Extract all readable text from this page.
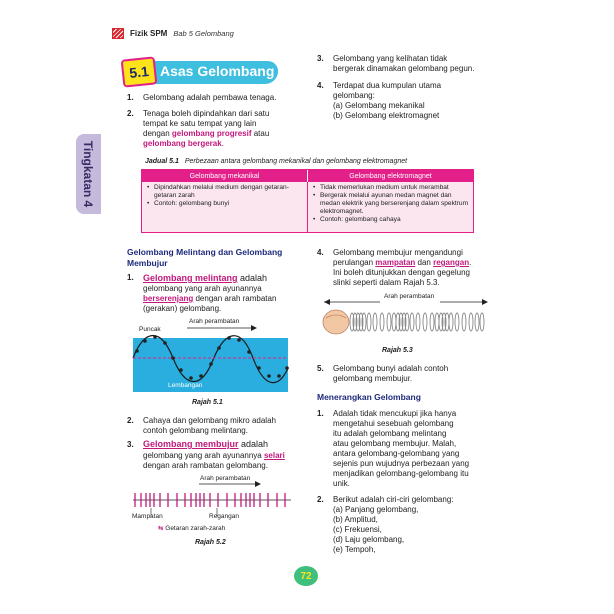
Fizik SPM Bab 5 Gelombang
Tingkatan 4
5.1 Asas Gelombang
1. Gelombang adalah pembawa tenaga.
2. Tenaga boleh dipindahkan dari satu
tempat ke satu tempat yang lain
dengan gelombang progresif atau
gelombang bergerak.
3. Gelombang yang kelihatan tidak
bergerak dinamakan gelombang pegun.
4. Terdapat dua kumpulan utama
gelombang:
(a) Gelombang mekanikal
(b) Gelombang elektromagnet
Jadual 5.1 Perbezaan antara gelombang mekanikal dan gelombang elektromagnet
Gelombang mekanikal	Gelombang elektromagnet
• Dipindahkan melalui medium dengan getaran-getaran zarah
• Contoh: gelombang bunyi
• Tidak memerlukan medium untuk merambat
• Bergerak melalui ayunan medan magnet dan medan elektrik yang berserenjang dalam spektrum elektromagnet.
• Contoh: gelombang cahaya
Gelombang Melintang dan Gelombang
Membujur
1. Gelombang melintang adalah
gelombang yang arah ayunannya
berserenjang dengan arah rambatan
(gerakan) gelombang.
Arah perambatan
Puncak
Lembangan
Rajah 5.1
2. Cahaya dan gelombang mikro adalah
contoh gelombang melintang.
3. Gelombang membujur adalah
gelombang yang arah ayunannya selari
dengan arah rambatan gelombang.
Arah perambatan
Mampatan	Regangan
⇆ Getaran zarah-zarah
Rajah 5.2
4. Gelombang membujur mengandungi
perulangan mampatan dan regangan.
Ini boleh ditunjukkan dengan gegelung
slinki seperti dalam Rajah 5.3.
Arah perambatan
Rajah 5.3
5. Gelombang bunyi adalah contoh
gelombang membujur.
Menerangkan Gelombang
1. Adalah tidak mencukupi jika hanya
mengetahui sesebuah gelombang
itu adalah gelombang melintang
atau gelombang membujur. Malah,
antara gelombang-gelombang yang
sejenis pun wujudnya perbezaan yang
menjadikan gelombang-gelombang itu
unik.
2. Berikut adalah ciri-ciri gelombang:
(a) Panjang gelombang,
(b) Amplitud,
(c) Frekuensi,
(d) Laju gelombang,
(e) Tempoh,
72
